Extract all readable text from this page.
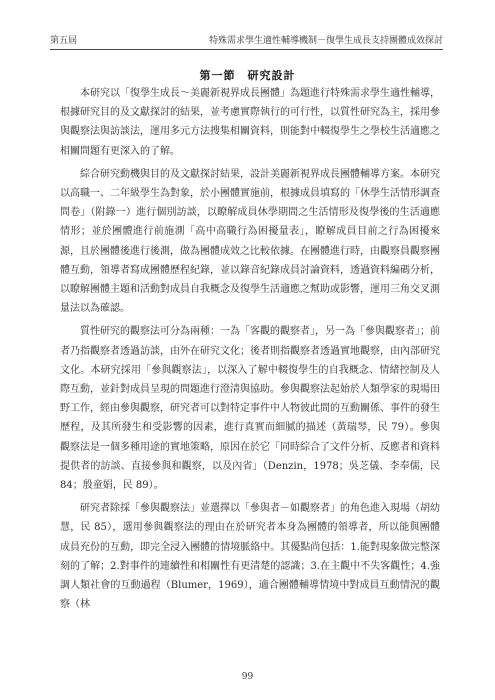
第五屆	特殊需求學生適性輔導機制－復學生成長支持團體成效探討
第一節　研究設計

本研究以「復學生成長～美麗新視界成長團體」為題進行特殊需求學生適性輔導，根據研究目的及文獻探討的結果，並考慮實際執行的可行性，以質性研究為主，採用參與觀察法與訪談法，運用多元方法搜集相關資料，則能對中輟復學生之學校生活適應之相關問題有更深入的了解。

綜合研究動機與目的及文獻探討結果，設計美麗新視界成長團體輔導方案。本研究以高職一、二年級學生為對象，於小團體實施前，根據成員填寫的「休學生活情形調查問卷」（附錄一）進行個別訪談，以瞭解成員休學期間之生活情形及復學後的生活適應情形；並於團體進行前施測「高中高職行為困擾量表」，瞭解成員目前之行為困擾來源，且於團體後進行後測，做為團體成效之比較依據。在團體進行時，由觀察員觀察團體互動，領導者寫成團體歷程紀錄，並以錄音紀錄成員討論資料，透過資料編碼分析，以瞭解團體主題和活動對成員自我概念及復學生活適應之幫助或影響，運用三角交叉測量法以為確認。

質性研究的觀察法可分為兩種：一為「客觀的觀察者」，另一為「參與觀察者」；前者乃指觀察者透過訪談，由外在研究文化；後者則指觀察者透過實地觀察，由內部研究文化。本研究採用「參與觀察法」，以深入了解中輟復學生的自我概念、情緒控制及人際互動，並針對成員呈現的問題進行澄清與協助。參與觀察法起始於人類學家的現場田野工作，經由參與觀察，研究者可以對特定事件中人物彼此間的互動關係、事件的發生歷程，及其所發生和受影響的因素，進行真實而細膩的描述（黃瑞琴，民 79）。參與觀察法是一個多種用途的實地策略，原因在於它「同時綜合了文件分析、反應者和資料提供者的訪談、直接參與和觀察，以及內省」（Denzin，1978；吳芝儀、李奉儒，民 84；殷童娟，民 89）。

研究者除採「參與觀察法」並選擇以「參與者－如觀察者」的角色進入現場（胡幼慧，民 85），選用參與觀察法的理由在於研究者本身為團體的領導者，所以能與團體成員充份的互動，即完全浸入團體的情境脈絡中。其優點尚包括：1.能對現象做完整深刻的了解；2.對事件的連續性和相關性有更清楚的認識；3.在主觀中不失客觀性；4.強調人類社會的互動過程（Blumer，1969），適合團體輔導情境中對成員互動情況的觀察（林

99
